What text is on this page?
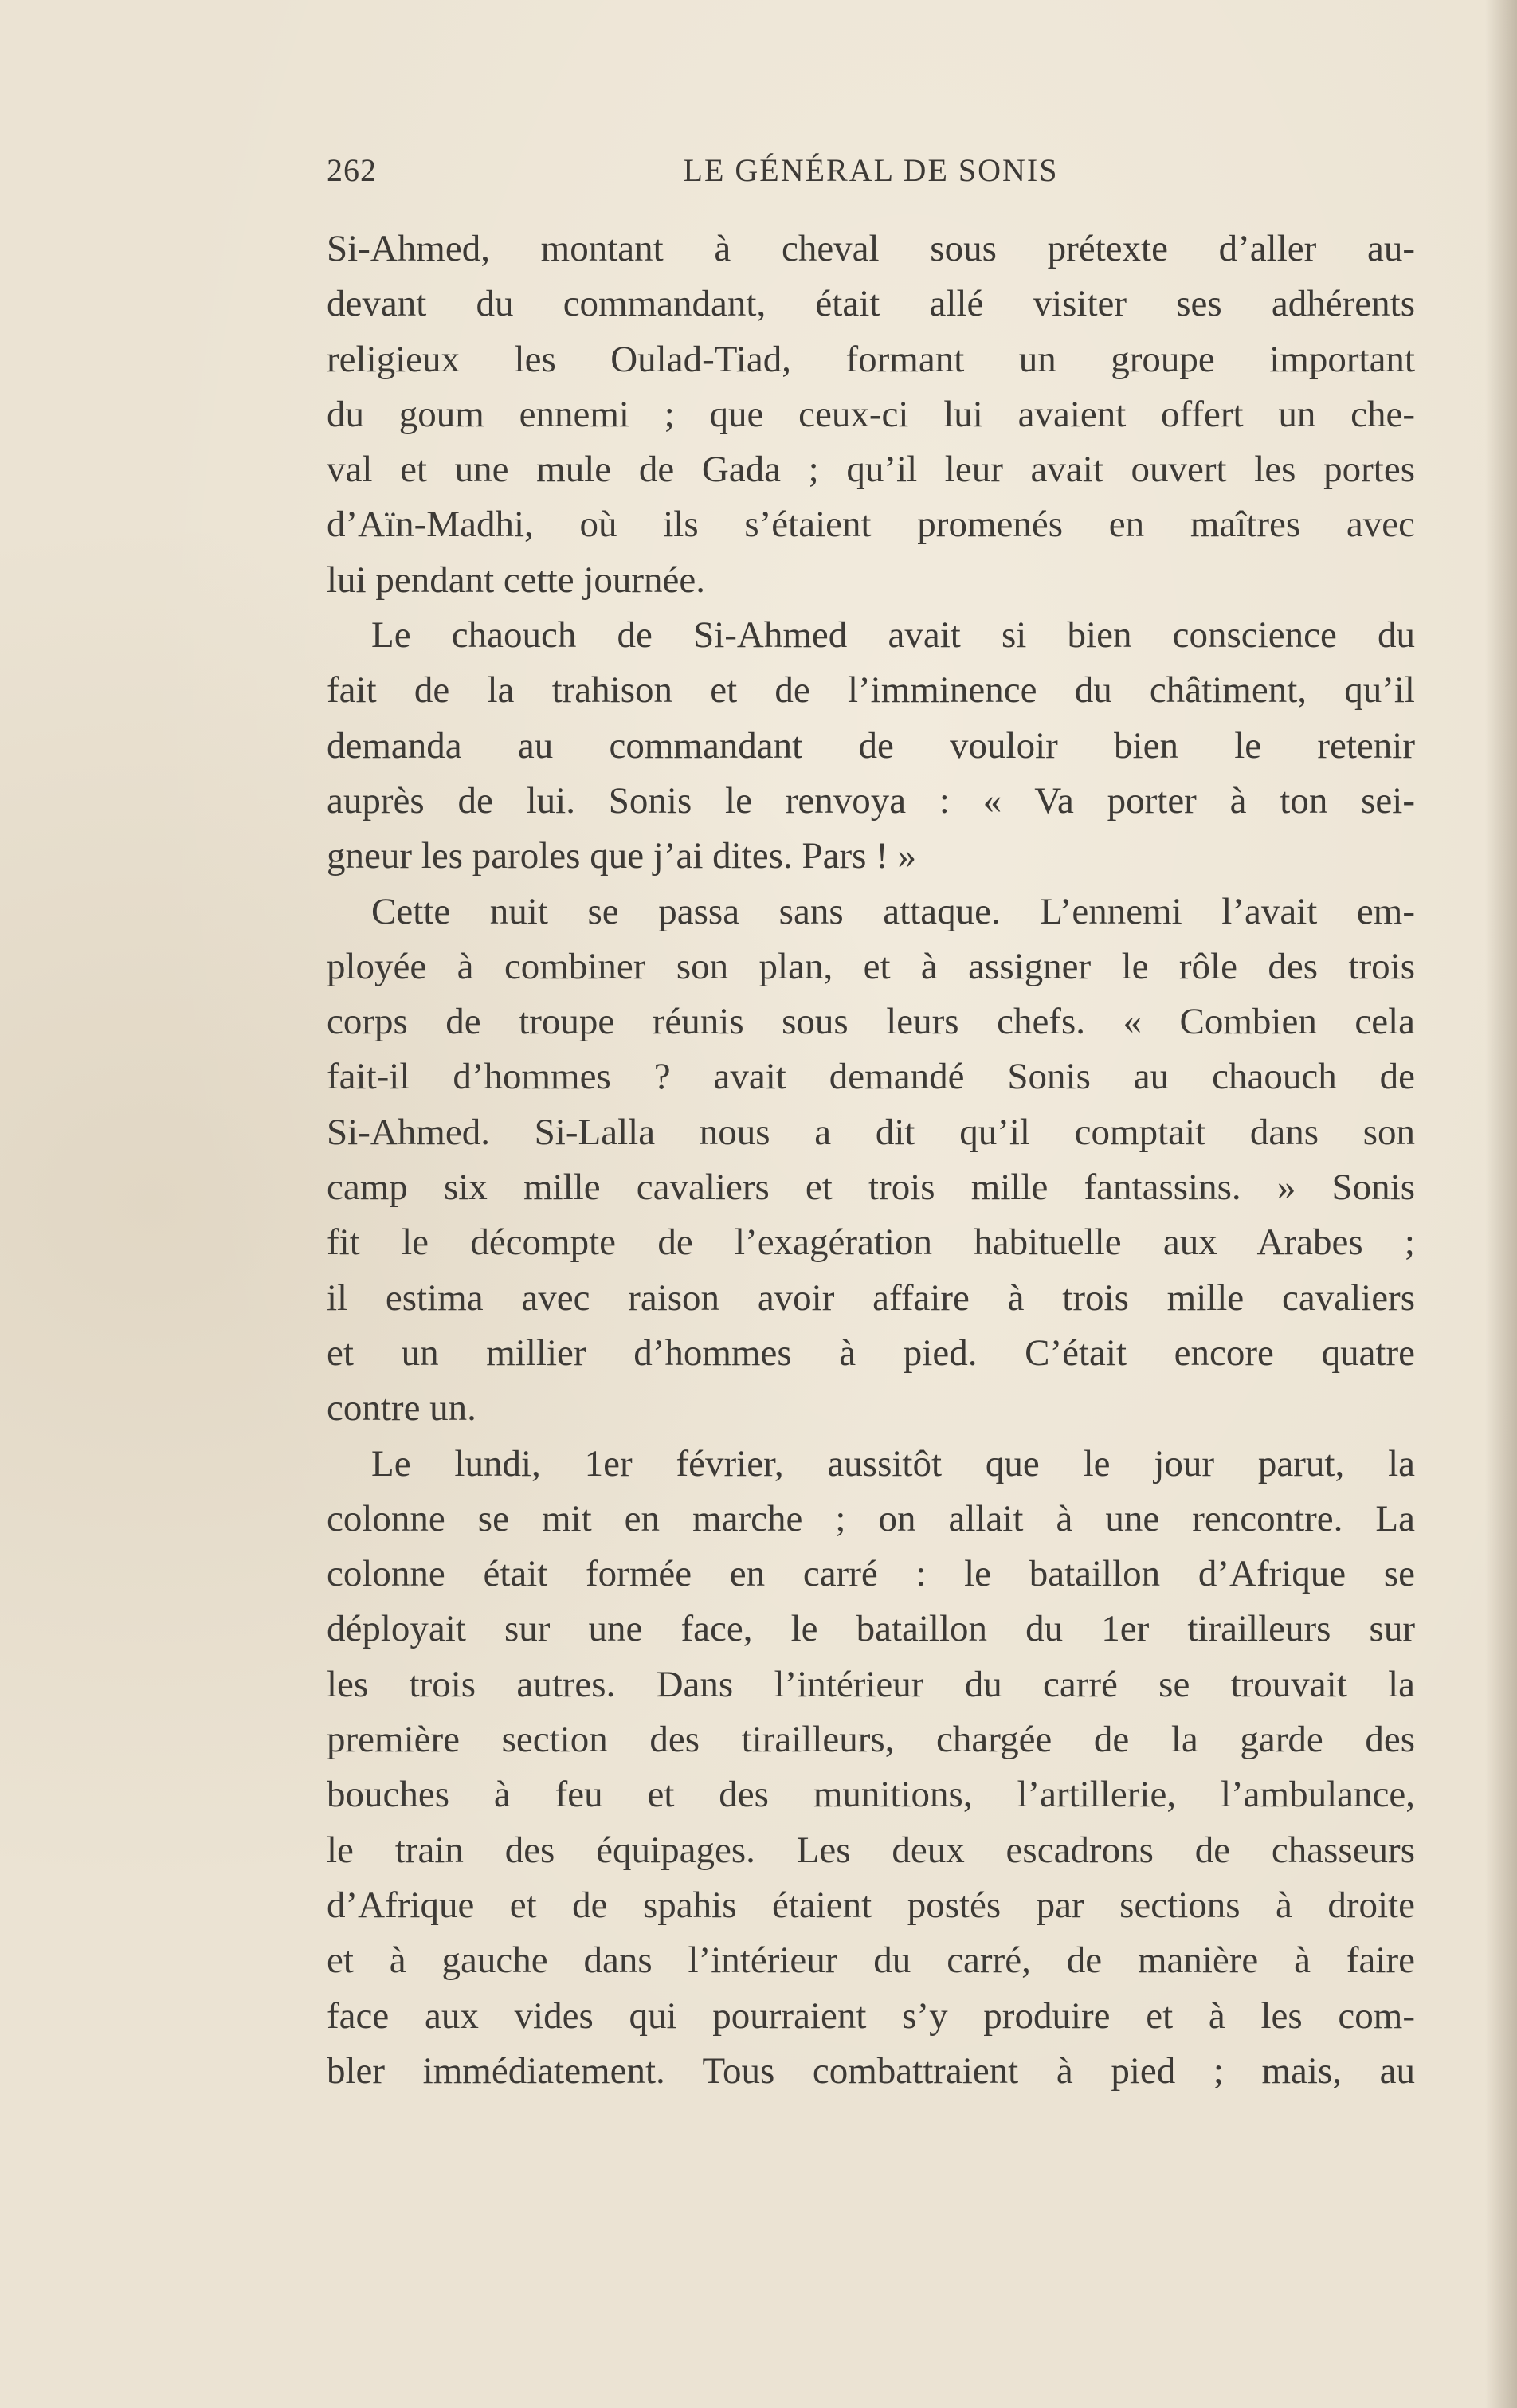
262	LE GÉNÉRAL DE SONIS
Si-Ahmed, montant à cheval sous prétexte d’aller au-
devant du commandant, était allé visiter ses adhérents
religieux les Oulad-Tiad, formant un groupe important
du goum ennemi ; que ceux-ci lui avaient offert un che-
val et une mule de Gada ; qu’il leur avait ouvert les portes
d’Aïn-Madhi, où ils s’étaient promenés en maîtres avec
lui pendant cette journée.
Le chaouch de Si-Ahmed avait si bien conscience du
fait de la trahison et de l’imminence du châtiment, qu’il
demanda au commandant de vouloir bien le retenir
auprès de lui. Sonis le renvoya : « Va porter à ton sei-
gneur les paroles que j’ai dites. Pars ! »
Cette nuit se passa sans attaque. L’ennemi l’avait em-
ployée à combiner son plan, et à assigner le rôle des trois
corps de troupe réunis sous leurs chefs. « Combien cela
fait-il d’hommes ? avait demandé Sonis au chaouch de
Si-Ahmed. Si-Lalla nous a dit qu’il comptait dans son
camp six mille cavaliers et trois mille fantassins. » Sonis
fit le décompte de l’exagération habituelle aux Arabes ;
il estima avec raison avoir affaire à trois mille cavaliers
et un millier d’hommes à pied. C’était encore quatre
contre un.
Le lundi, 1er février, aussitôt que le jour parut, la
colonne se mit en marche ; on allait à une rencontre. La
colonne était formée en carré : le bataillon d’Afrique se
déployait sur une face, le bataillon du 1er tirailleurs sur
les trois autres. Dans l’intérieur du carré se trouvait la
première section des tirailleurs, chargée de la garde des
bouches à feu et des munitions, l’artillerie, l’ambulance,
le train des équipages. Les deux escadrons de chasseurs
d’Afrique et de spahis étaient postés par sections à droite
et à gauche dans l’intérieur du carré, de manière à faire
face aux vides qui pourraient s’y produire et à les com-
bler immédiatement. Tous combattraient à pied ; mais, au
